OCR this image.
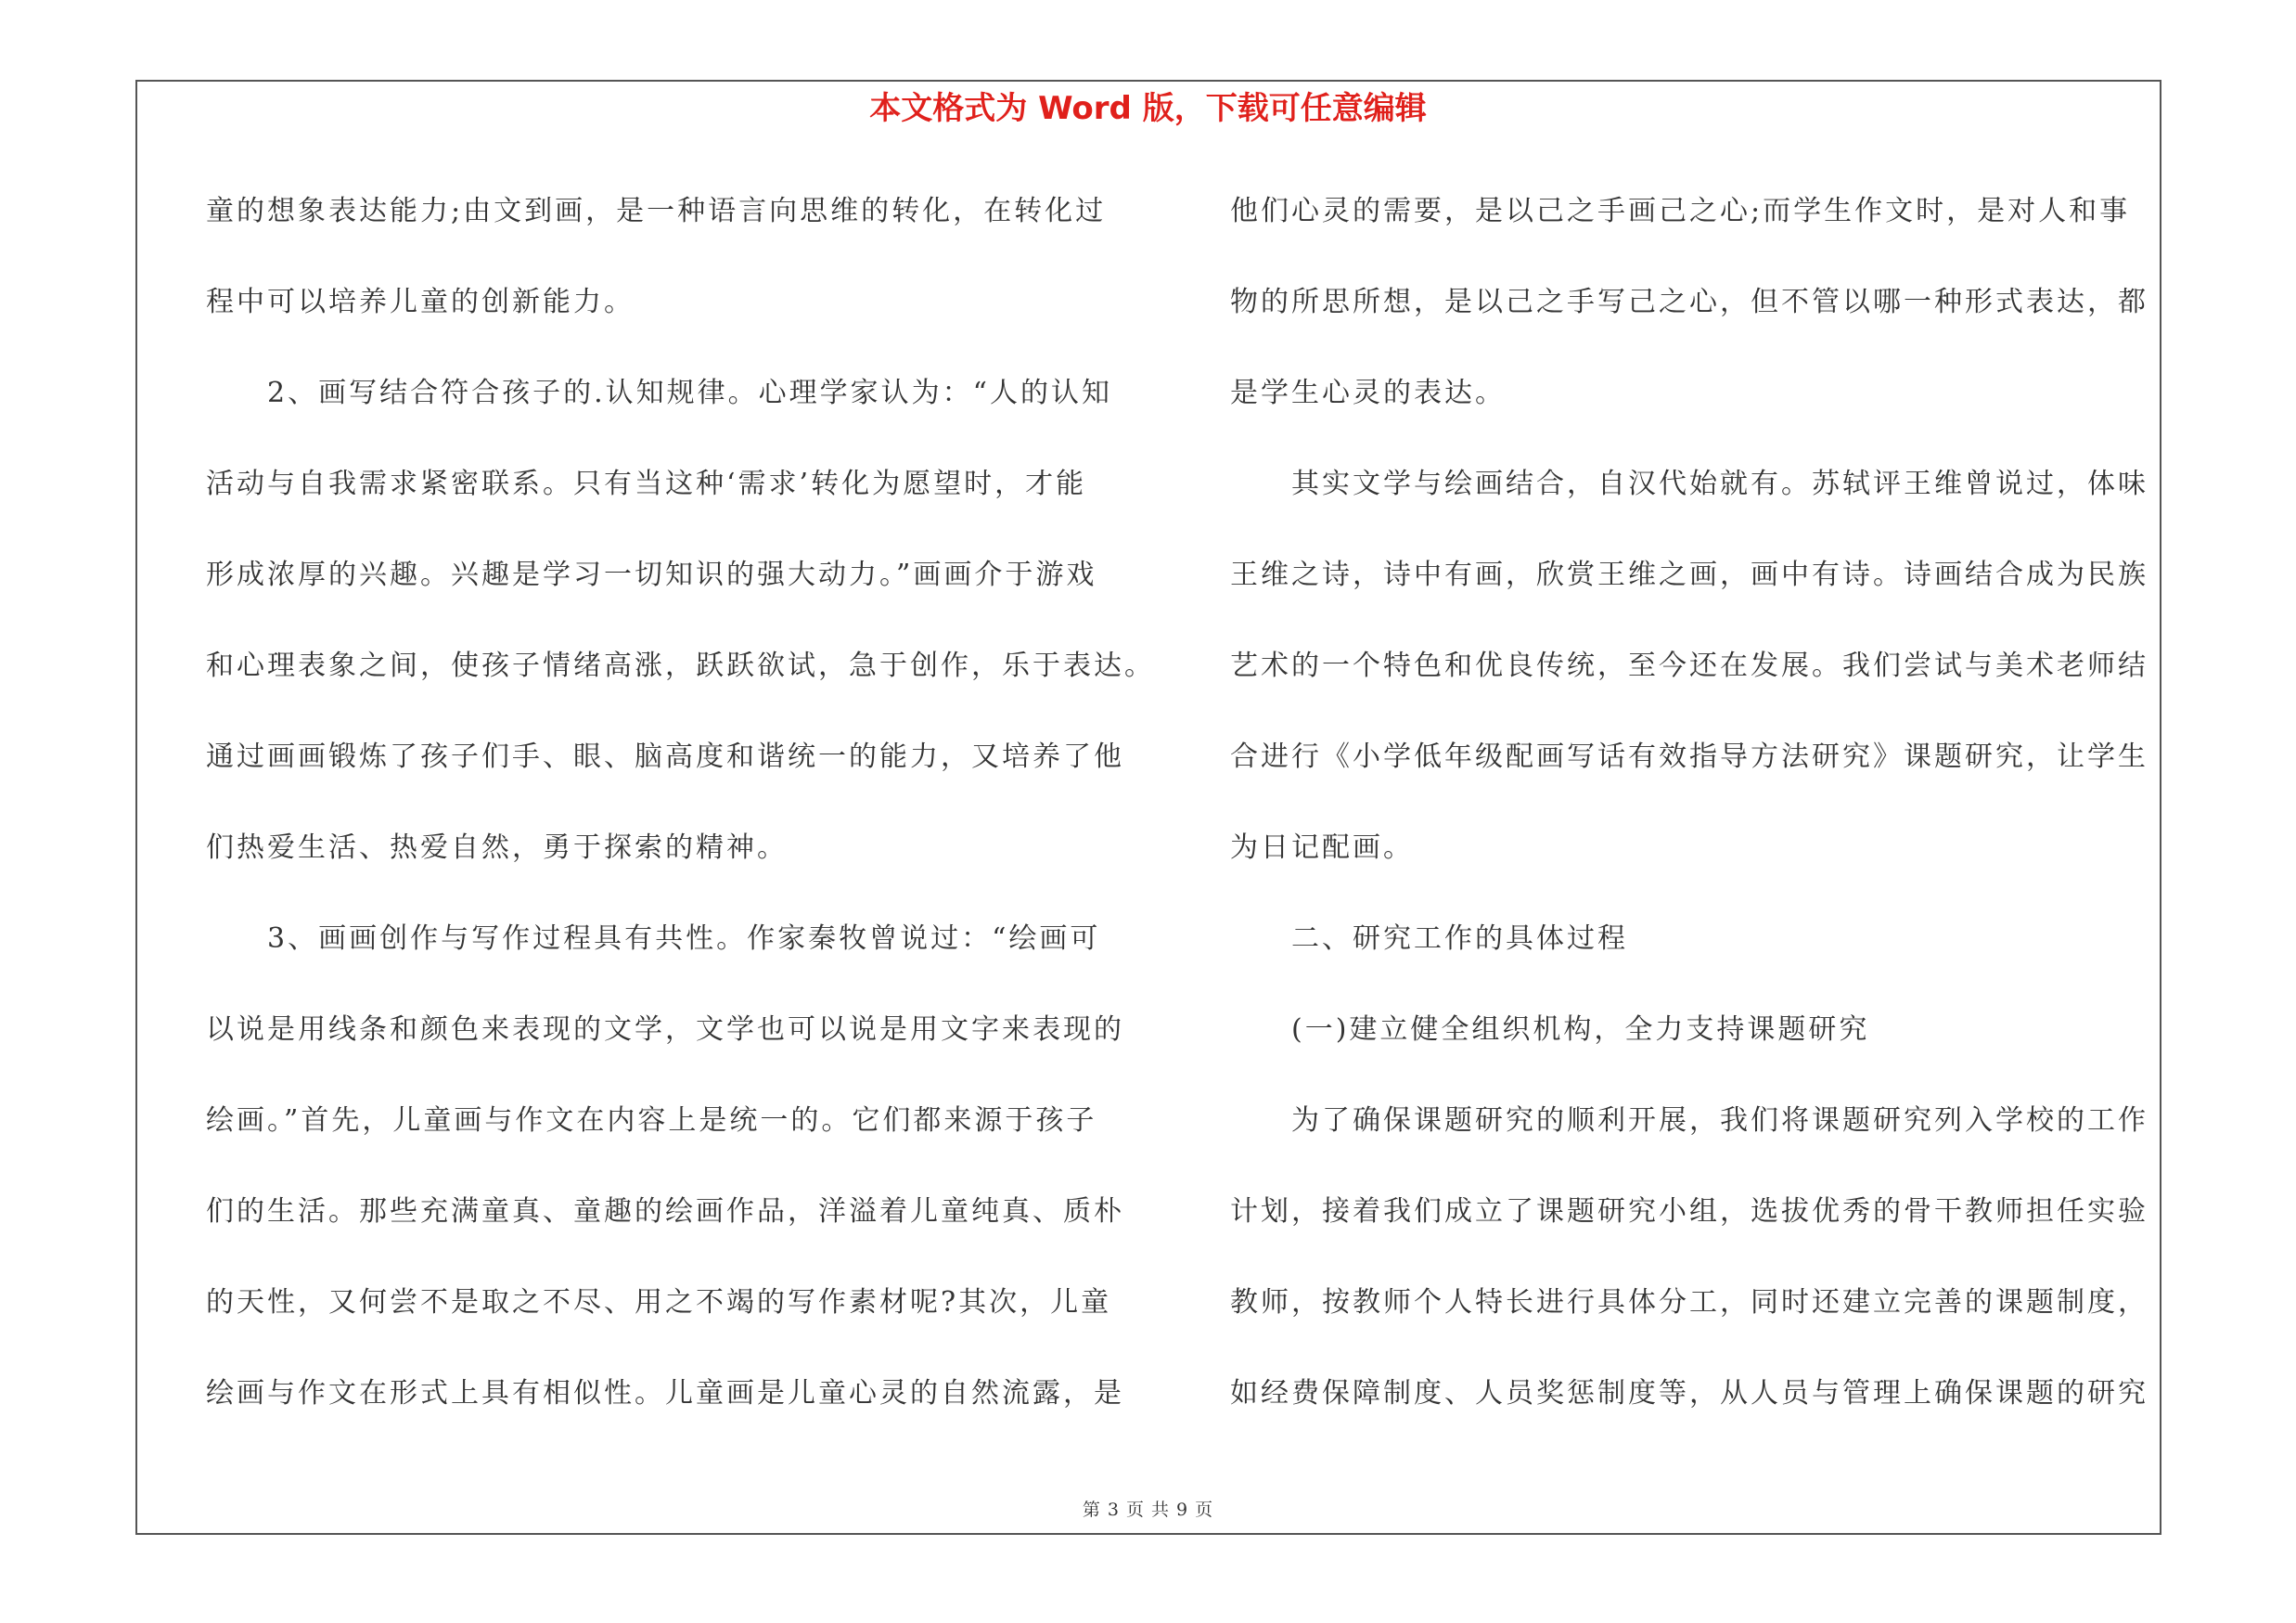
本文格式为 Word 版，下载可任意编辑
童的想象表达能力;由文到画，是一种语言向思维的转化，在转化过
程中可以培养儿童的创新能力。
2、画写结合符合孩子的.认知规律。心理学家认为：“人的认知
活动与自我需求紧密联系。只有当这种‘需求’转化为愿望时，才能
形成浓厚的兴趣。兴趣是学习一切知识的强大动力。”画画介于游戏
和心理表象之间，使孩子情绪高涨，跃跃欲试，急于创作，乐于表达。
通过画画锻炼了孩子们手、眼、脑高度和谐统一的能力，又培养了他
们热爱生活、热爱自然，勇于探索的精神。
3、画画创作与写作过程具有共性。作家秦牧曾说过：“绘画可
以说是用线条和颜色来表现的文学，文学也可以说是用文字来表现的
绘画。”首先，儿童画与作文在内容上是统一的。它们都来源于孩子
们的生活。那些充满童真、童趣的绘画作品，洋溢着儿童纯真、质朴
的天性，又何尝不是取之不尽、用之不竭的写作素材呢?其次，儿童
绘画与作文在形式上具有相似性。儿童画是儿童心灵的自然流露，是
他们心灵的需要，是以己之手画己之心;而学生作文时，是对人和事
物的所思所想，是以己之手写己之心，但不管以哪一种形式表达，都
是学生心灵的表达。
其实文学与绘画结合，自汉代始就有。苏轼评王维曾说过，体味
王维之诗，诗中有画，欣赏王维之画，画中有诗。诗画结合成为民族
艺术的一个特色和优良传统，至今还在发展。我们尝试与美术老师结
合进行《小学低年级配画写话有效指导方法研究》课题研究，让学生
为日记配画。
二、研究工作的具体过程
(一)建立健全组织机构，全力支持课题研究
为了确保课题研究的顺利开展，我们将课题研究列入学校的工作
计划，接着我们成立了课题研究小组，选拔优秀的骨干教师担任实验
教师，按教师个人特长进行具体分工，同时还建立完善的课题制度，
如经费保障制度、人员奖惩制度等，从人员与管理上确保课题的研究
第 3 页 共 9 页
